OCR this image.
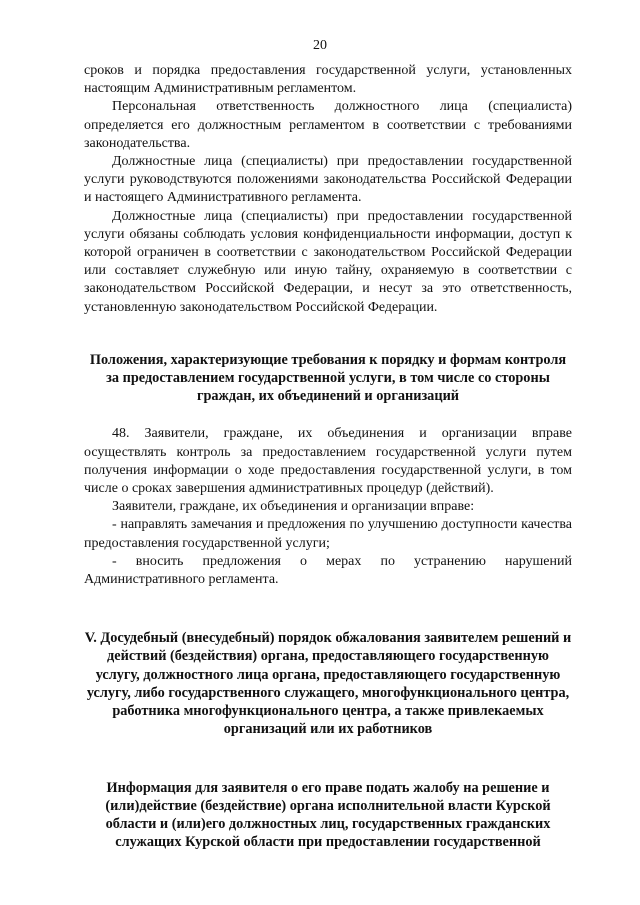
20

сроков и порядка предоставления государственной услуги, установленных настоящим Административным регламентом.

Персональная ответственность должностного лица (специалиста) определяется его должностным регламентом в соответствии с требованиями законодательства.

Должностные лица (специалисты) при предоставлении государственной услуги руководствуются положениями законодательства Российской Федерации и настоящего Административного регламента.

Должностные лица (специалисты) при предоставлении государственной услуги обязаны соблюдать условия конфиденциальности информации, доступ к которой ограничен в соответствии с законодательством Российской Федерации или составляет служебную или иную тайну, охраняемую в соответствии с законодательством Российской Федерации, и несут за это ответственность, установленную законодательством Российской Федерации.

Положения, характеризующие требования к порядку и формам контроля за предоставлением государственной услуги, в том числе со стороны граждан, их объединений и организаций

48. Заявители, граждане, их объединения и организации вправе осуществлять контроль за предоставлением государственной услуги путем получения информации о ходе предоставления государственной услуги, в том числе о сроках завершения административных процедур (действий).

Заявители, граждане, их объединения и организации вправе:

- направлять замечания и предложения по улучшению доступности качества предоставления государственной услуги;

- вносить предложения о мерах по устранению нарушений Административного регламента.

V. Досудебный (внесудебный) порядок обжалования заявителем решений и действий (бездействия) органа, предоставляющего государственную услугу, должностного лица органа, предоставляющего государственную услугу, либо государственного служащего, многофункционального центра, работника многофункционального центра, а также привлекаемых организаций или их работников

Информация для заявителя о его праве подать жалобу на решение и (или)действие (бездействие) органа исполнительной власти Курской области и (или)его должностных лиц, государственных гражданских служащих Курской области при предоставлении государственной
